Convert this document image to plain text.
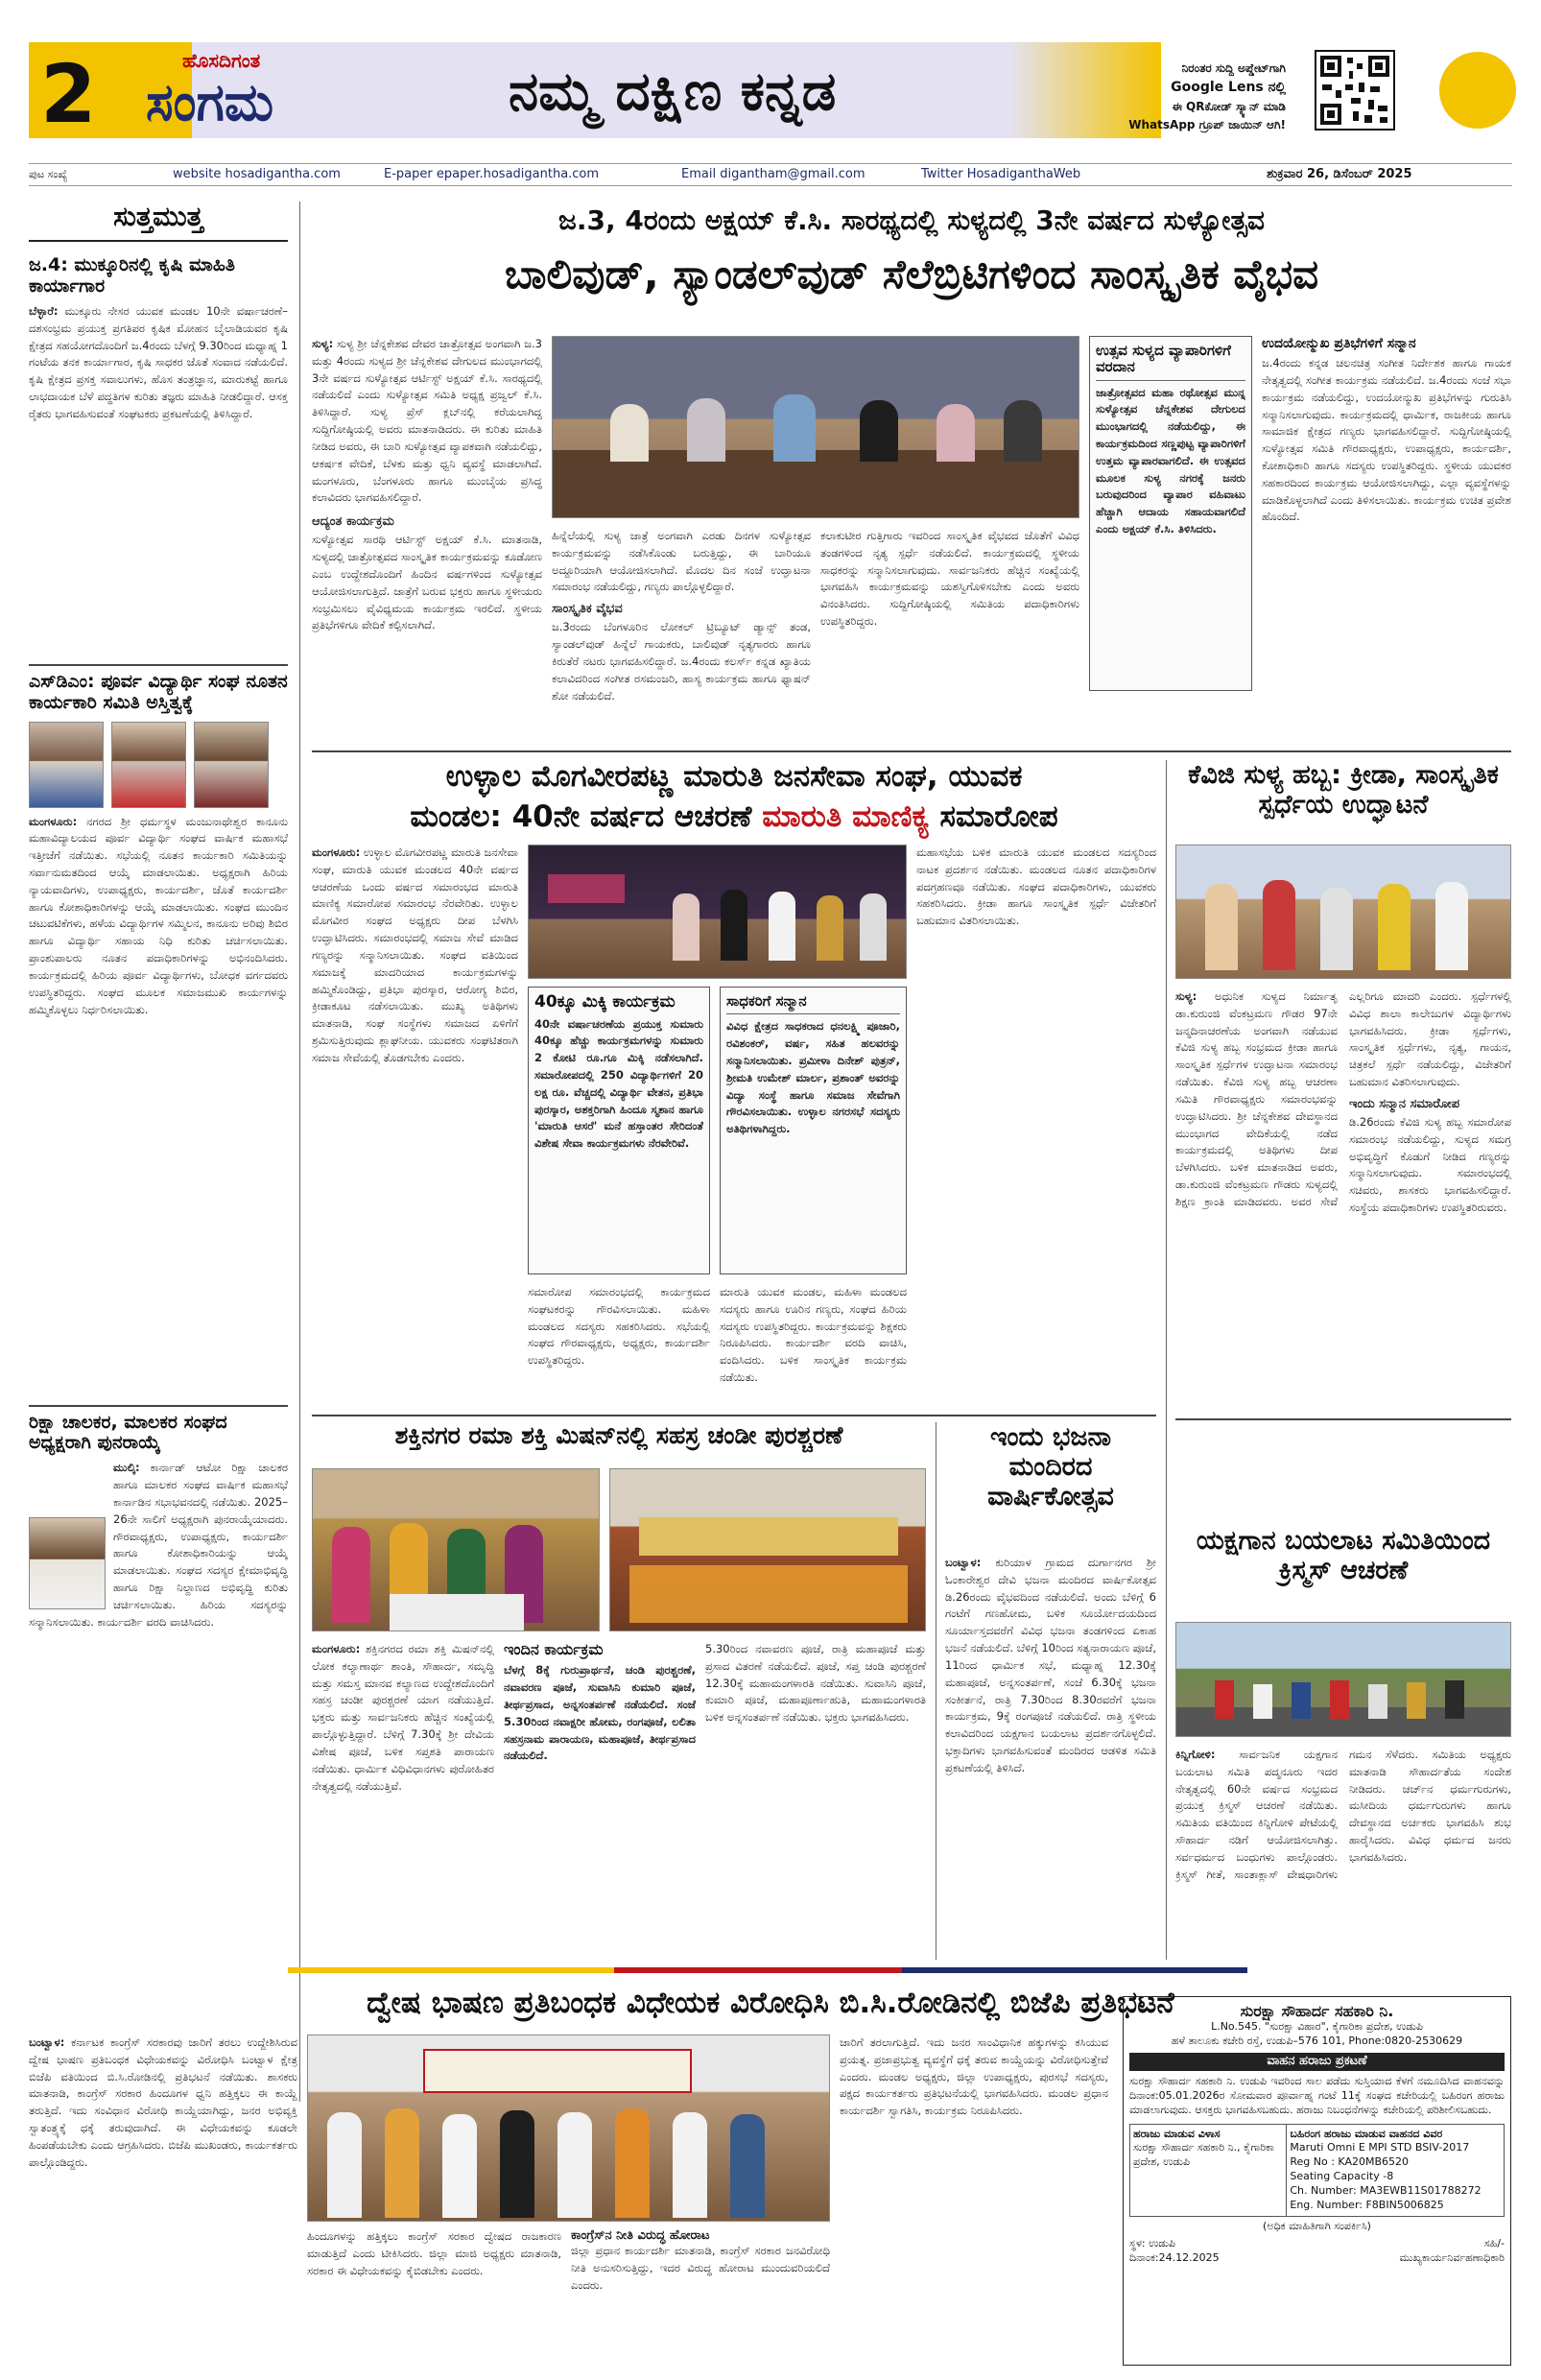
2	ಹೊಸದಿಗಂತ
ಸಂಗಮ	ನಮ್ಮ ದಕ್ಷಿಣ ಕನ್ನಡ	ನಿರಂತರ ಸುದ್ದಿ ಅಪ್ಡೇಟ್‌ಗಾಗಿ
Google Lens ನಲ್ಲಿ
ಈ QRಕೋಡ್ ಸ್ಕ್ಯಾನ್ ಮಾಡಿ
WhatsApp ಗ್ರೂಪ್ ಜಾಯಿನ್ ಆಗಿ!
ಪುಟ ಸಂಖ್ಯೆ	website hosadigantha.com	E-paper epaper.hosadigantha.com	Email digantham@gmail.com	Twitter HosadiganthaWeb	ಶುಕ್ರವಾರ 26, ಡಿಸೆಂಬರ್ 2025
ಸುತ್ತಮುತ್ತ
ಜ.4: ಮುಕ್ಕೂರಿನಲ್ಲಿ ಕೃಷಿ ಮಾಹಿತಿ ಕಾರ್ಯಾಗಾರ
ಬೆಳ್ಳಾರೆ: ಮುಕ್ಕೂರು ನೇಸರ ಯುವಕ ಮಂಡಲ 10ನೇ ವರ್ಷಾಚರಣೆ–ದಶಸಂಭ್ರಮ ಪ್ರಯುಕ್ತ ಪ್ರಗತಿಪರ ಕೃಷಿಕ ಮೋಹನ ಬೈಲಾಡಿಯವರ ಕೃಷಿ ಕ್ಷೇತ್ರದ ಸಹಯೋಗದೊಂದಿಗೆ ಜ.4ರಂದು ಬೆಳಗ್ಗೆ 9.30ರಿಂದ ಮಧ್ಯಾಹ್ನ 1 ಗಂಟೆಯ ತನಕ ಕಾರ್ಯಾಗಾರ, ಕೃಷಿ ಸಾಧಕರ ಜೊತೆ ಸಂವಾದ ನಡೆಯಲಿದೆ. ಕೃಷಿ ಕ್ಷೇತ್ರದ ಪ್ರಸಕ್ತ ಸವಾಲುಗಳು, ಹೊಸ ತಂತ್ರಜ್ಞಾನ, ಮಾರುಕಟ್ಟೆ ಹಾಗೂ ಲಾಭದಾಯಕ ಬೆಳೆ ಪದ್ಧತಿಗಳ ಕುರಿತು ತಜ್ಞರು ಮಾಹಿತಿ ನೀಡಲಿದ್ದಾರೆ. ಆಸಕ್ತ ರೈತರು ಭಾಗವಹಿಸುವಂತೆ ಸಂಘಟಕರು ಪ್ರಕಟಣೆಯಲ್ಲಿ ತಿಳಿಸಿದ್ದಾರೆ.
ಎಸ್‌ಡಿಎಂ: ಪೂರ್ವ ವಿದ್ಯಾರ್ಥಿ ಸಂಘ ನೂತನ ಕಾರ್ಯಕಾರಿ ಸಮಿತಿ ಅಸ್ತಿತ್ವಕ್ಕೆ
ಮಂಗಳೂರು: ನಗರದ ಶ್ರೀ ಧರ್ಮಸ್ಥಳ ಮಂಜುನಾಥೇಶ್ವರ ಕಾನೂನು ಮಹಾವಿದ್ಯಾಲಯದ ಪೂರ್ವ ವಿದ್ಯಾರ್ಥಿ ಸಂಘದ ವಾರ್ಷಿಕ ಮಹಾಸಭೆ ಇತ್ತೀಚೆಗೆ ನಡೆಯಿತು. ಸಭೆಯಲ್ಲಿ ನೂತನ ಕಾರ್ಯಕಾರಿ ಸಮಿತಿಯನ್ನು ಸರ್ವಾನುಮತದಿಂದ ಆಯ್ಕೆ ಮಾಡಲಾಯಿತು. ಅಧ್ಯಕ್ಷರಾಗಿ ಹಿರಿಯ ನ್ಯಾಯವಾದಿಗಳು, ಉಪಾಧ್ಯಕ್ಷರು, ಕಾರ್ಯದರ್ಶಿ, ಜೊತೆ ಕಾರ್ಯದರ್ಶಿ ಹಾಗೂ ಕೋಶಾಧಿಕಾರಿಗಳನ್ನು ಆಯ್ಕೆ ಮಾಡಲಾಯಿತು. ಸಂಘದ ಮುಂದಿನ ಚಟುವಟಿಕೆಗಳು, ಹಳೆಯ ವಿದ್ಯಾರ್ಥಿಗಳ ಸಮ್ಮಿಲನ, ಕಾನೂನು ಅರಿವು ಶಿಬಿರ ಹಾಗೂ ವಿದ್ಯಾರ್ಥಿ ಸಹಾಯ ನಿಧಿ ಕುರಿತು ಚರ್ಚಿಸಲಾಯಿತು. ಪ್ರಾಂಶುಪಾಲರು ನೂತನ ಪದಾಧಿಕಾರಿಗಳನ್ನು ಅಭಿನಂದಿಸಿದರು. ಕಾರ್ಯಕ್ರಮದಲ್ಲಿ ಹಿರಿಯ ಪೂರ್ವ ವಿದ್ಯಾರ್ಥಿಗಳು, ಬೋಧಕ ವರ್ಗದವರು ಉಪಸ್ಥಿತರಿದ್ದರು. ಸಂಘದ ಮೂಲಕ ಸಮಾಜಮುಖಿ ಕಾರ್ಯಗಳನ್ನು ಹಮ್ಮಿಕೊಳ್ಳಲು ನಿರ್ಧರಿಸಲಾಯಿತು.
ರಿಕ್ಷಾ ಚಾಲಕರ, ಮಾಲಕರ ಸಂಘದ ಅಧ್ಯಕ್ಷರಾಗಿ ಪುನರಾಯ್ಕೆ
ಮುಲ್ಕಿ: ಕಾರ್ನಾಡ್ ಆಟೋ ರಿಕ್ಷಾ ಚಾಲಕರ ಹಾಗೂ ಮಾಲಕರ ಸಂಘದ ವಾರ್ಷಿಕ ಮಹಾಸಭೆ ಕಾರ್ನಾಡಿನ ಸಭಾಭವನದಲ್ಲಿ ನಡೆಯಿತು. 2025–26ನೇ ಸಾಲಿಗೆ ಅಧ್ಯಕ್ಷರಾಗಿ ಪುನರಾಯ್ಕೆಯಾದರು. ಗೌರವಾಧ್ಯಕ್ಷರು, ಉಪಾಧ್ಯಕ್ಷರು, ಕಾರ್ಯದರ್ಶಿ ಹಾಗೂ ಕೋಶಾಧಿಕಾರಿಯನ್ನು ಆಯ್ಕೆ ಮಾಡಲಾಯಿತು. ಸಂಘದ ಸದಸ್ಯರ ಕ್ಷೇಮಾಭಿವೃದ್ಧಿ ಹಾಗೂ ರಿಕ್ಷಾ ನಿಲ್ದಾಣದ ಅಭಿವೃದ್ಧಿ ಕುರಿತು ಚರ್ಚಿಸಲಾಯಿತು. ಹಿರಿಯ ಸದಸ್ಯರನ್ನು ಸನ್ಮಾನಿಸಲಾಯಿತು. ಕಾರ್ಯದರ್ಶಿ ವರದಿ ವಾಚಿಸಿದರು.
ಜ.3, 4ರಂದು ಅಕ್ಷಯ್ ಕೆ.ಸಿ. ಸಾರಥ್ಯದಲ್ಲಿ ಸುಳ್ಯದಲ್ಲಿ 3ನೇ ವರ್ಷದ ಸುಳ್ಯೋತ್ಸವ
ಬಾಲಿವುಡ್, ಸ್ಯಾಂಡಲ್‌ವುಡ್ ಸೆಲೆಬ್ರಿಟಿಗಳಿಂದ ಸಾಂಸ್ಕೃತಿಕ ವೈಭವ
ಸುಳ್ಯ: ಸುಳ್ಯ ಶ್ರೀ ಚೆನ್ನಕೇಶವ ದೇವರ ಜಾತ್ರೋತ್ಸವ ಅಂಗವಾಗಿ ಜ.3 ಮತ್ತು 4ರಂದು ಸುಳ್ಯದ ಶ್ರೀ ಚೆನ್ನಕೇಶವ ದೇಗುಲದ ಮುಂಭಾಗದಲ್ಲಿ 3ನೇ ವರ್ಷದ ಸುಳ್ಯೋತ್ಸವ ಆರ್ಟಿಸ್ಟ್ ಅಕ್ಷಯ್ ಕೆ.ಸಿ. ಸಾರಥ್ಯದಲ್ಲಿ ನಡೆಯಲಿದೆ ಎಂದು ಸುಳ್ಯೋತ್ಸವ ಸಮಿತಿ ಅಧ್ಯಕ್ಷ ಪ್ರಜ್ವಲ್ ಕೆ.ಸಿ. ತಿಳಿಸಿದ್ದಾರೆ. ಸುಳ್ಯ ಪ್ರೆಸ್ ಕ್ಲಬ್‌ನಲ್ಲಿ ಕರೆಯಲಾಗಿದ್ದ ಸುದ್ದಿಗೋಷ್ಠಿಯಲ್ಲಿ ಅವರು ಮಾತನಾಡಿದರು. ಈ ಕುರಿತು ಮಾಹಿತಿ ನೀಡಿದ ಅವರು, ಈ ಬಾರಿ ಸುಳ್ಯೋತ್ಸವ ವ್ಯಾಪಕವಾಗಿ ನಡೆಯಲಿದ್ದು, ಆಕರ್ಷಕ ವೇದಿಕೆ, ಬೆಳಕು ಮತ್ತು ಧ್ವನಿ ವ್ಯವಸ್ಥೆ ಮಾಡಲಾಗಿದೆ. ಮಂಗಳೂರು, ಬೆಂಗಳೂರು ಹಾಗೂ ಮುಂಬೈಯ ಪ್ರಸಿದ್ಧ ಕಲಾವಿದರು ಭಾಗವಹಿಸಲಿದ್ದಾರೆ.
ಆದ್ಯಂತ ಕಾರ್ಯಕ್ರಮ
ಸುಳ್ಯೋತ್ಸವ ಸಾರಥಿ ಆರ್ಟಿಸ್ಟ್ ಅಕ್ಷಯ್ ಕೆ.ಸಿ. ಮಾತನಾಡಿ, ಸುಳ್ಯದಲ್ಲಿ ಜಾತ್ರೋತ್ಸವದ ಸಾಂಸ್ಕೃತಿಕ ಕಾರ್ಯಕ್ರಮವನ್ನು ಕೂಡೋಣ ಎಂಬ ಉದ್ದೇಶದೊಂದಿಗೆ ಹಿಂದಿನ ವರ್ಷಗಳಿಂದ ಸುಳ್ಯೋತ್ಸವ ಆಯೋಜಿಸಲಾಗುತ್ತಿದೆ. ಜಾತ್ರೆಗೆ ಬರುವ ಭಕ್ತರು ಹಾಗೂ ಸ್ಥಳೀಯರು ಸಂಭ್ರಮಿಸಲು ವೈವಿಧ್ಯಮಯ ಕಾರ್ಯಕ್ರಮ ಇರಲಿದೆ. ಸ್ಥಳೀಯ ಪ್ರತಿಭೆಗಳಿಗೂ ವೇದಿಕೆ ಕಲ್ಪಿಸಲಾಗಿದೆ.
ಹಿನ್ನೆಲೆಯಲ್ಲಿ ಸುಳ್ಯ ಜಾತ್ರೆ ಅಂಗವಾಗಿ ಎರಡು ದಿನಗಳ ಸುಳ್ಯೋತ್ಸವ ಕಾರ್ಯಕ್ರಮವನ್ನು ನಡೆಸಿಕೊಂಡು ಬರುತ್ತಿದ್ದು, ಈ ಬಾರಿಯೂ ಅದ್ದೂರಿಯಾಗಿ ಆಯೋಜಿಸಲಾಗಿದೆ. ಮೊದಲ ದಿನ ಸಂಜೆ ಉದ್ಘಾಟನಾ ಸಮಾರಂಭ ನಡೆಯಲಿದ್ದು, ಗಣ್ಯರು ಪಾಲ್ಗೊಳ್ಳಲಿದ್ದಾರೆ.
ಸಾಂಸ್ಕೃತಿಕ ವೈಭವ
ಜ.3ರಂದು ಬೆಂಗಳೂರಿನ ಲೋಕಲ್ ಟ್ರಿಬ್ಯೂಟ್ ಡ್ಯಾನ್ಸ್ ತಂಡ, ಸ್ಯಾಂಡಲ್‌ವುಡ್ ಹಿನ್ನೆಲೆ ಗಾಯಕರು, ಬಾಲಿವುಡ್ ನೃತ್ಯಗಾರರು ಹಾಗೂ ಕಿರುತೆರೆ ನಟರು ಭಾಗವಹಿಸಲಿದ್ದಾರೆ. ಜ.4ರಂದು ಕಲರ್ಸ್ ಕನ್ನಡ ಖ್ಯಾತಿಯ ಕಲಾವಿದರಿಂದ ಸಂಗೀತ ರಸಮಂಜರಿ, ಹಾಸ್ಯ ಕಾರ್ಯಕ್ರಮ ಹಾಗೂ ಫ್ಯಾಷನ್ ಶೋ ನಡೆಯಲಿದೆ.
ಕಲಾಕುಟೀರ ಗುತ್ತಿಗಾರು ಇವರಿಂದ ಸಾಂಸ್ಕೃತಿಕ ವೈಭವದ ಜೊತೆಗೆ ವಿವಿಧ ತಂಡಗಳಿಂದ ನೃತ್ಯ ಸ್ಪರ್ಧೆ ನಡೆಯಲಿದೆ. ಕಾರ್ಯಕ್ರಮದಲ್ಲಿ ಸ್ಥಳೀಯ ಸಾಧಕರನ್ನು ಸನ್ಮಾನಿಸಲಾಗುವುದು. ಸಾರ್ವಜನಿಕರು ಹೆಚ್ಚಿನ ಸಂಖ್ಯೆಯಲ್ಲಿ ಭಾಗವಹಿಸಿ ಕಾರ್ಯಕ್ರಮವನ್ನು ಯಶಸ್ವಿಗೊಳಿಸಬೇಕು ಎಂದು ಅವರು ವಿನಂತಿಸಿದರು. ಸುದ್ದಿಗೋಷ್ಠಿಯಲ್ಲಿ ಸಮಿತಿಯ ಪದಾಧಿಕಾರಿಗಳು ಉಪಸ್ಥಿತರಿದ್ದರು.
ಉತ್ಸವ ಸುಳ್ಯದ ವ್ಯಾಪಾರಿಗಳಿಗೆ ವರದಾನ
ಜಾತ್ರೋತ್ಸವದ ಮಹಾ ರಥೋತ್ಸವ ಮುನ್ನ ಸುಳ್ಯೋತ್ಸವ ಚೆನ್ನಕೇಶವ ದೇಗುಲದ ಮುಂಭಾಗದಲ್ಲಿ ನಡೆಯಲಿದ್ದು, ಈ ಕಾರ್ಯಕ್ರಮದಿಂದ ಸಣ್ಣಪುಟ್ಟ ವ್ಯಾಪಾರಿಗಳಿಗೆ ಉತ್ತಮ ವ್ಯಾಪಾರವಾಗಲಿದೆ. ಈ ಉತ್ಸವದ ಮೂಲಕ ಸುಳ್ಯ ನಗರಕ್ಕೆ ಜನರು ಬರುವುದರಿಂದ ವ್ಯಾಪಾರ ವಹಿವಾಟು ಹೆಚ್ಚಾಗಿ ಆದಾಯ ಸಹಾಯವಾಗಲಿದೆ ಎಂದು ಅಕ್ಷಯ್ ಕೆ.ಸಿ. ತಿಳಿಸಿದರು.
ಉದಯೋನ್ಮುಖ ಪ್ರತಿಭೆಗಳಿಗೆ ಸನ್ಮಾನ
ಜ.4ರಂದು ಕನ್ನಡ ಚಲನಚಿತ್ರ ಸಂಗೀತ ನಿರ್ದೇಶಕ ಹಾಗೂ ಗಾಯಕ ನೇತೃತ್ವದಲ್ಲಿ ಸಂಗೀತ ಕಾರ್ಯಕ್ರಮ ನಡೆಯಲಿದೆ. ಜ.4ರಂದು ಸಂಜೆ ಸಭಾ ಕಾರ್ಯಕ್ರಮ ನಡೆಯಲಿದ್ದು, ಉದಯೋನ್ಮುಖ ಪ್ರತಿಭೆಗಳನ್ನು ಗುರುತಿಸಿ ಸನ್ಮಾನಿಸಲಾಗುವುದು. ಕಾರ್ಯಕ್ರಮದಲ್ಲಿ ಧಾರ್ಮಿಕ, ರಾಜಕೀಯ ಹಾಗೂ ಸಾಮಾಜಿಕ ಕ್ಷೇತ್ರದ ಗಣ್ಯರು ಭಾಗವಹಿಸಲಿದ್ದಾರೆ. ಸುದ್ದಿಗೋಷ್ಠಿಯಲ್ಲಿ ಸುಳ್ಯೋತ್ಸವ ಸಮಿತಿ ಗೌರವಾಧ್ಯಕ್ಷರು, ಉಪಾಧ್ಯಕ್ಷರು, ಕಾರ್ಯದರ್ಶಿ, ಕೋಶಾಧಿಕಾರಿ ಹಾಗೂ ಸದಸ್ಯರು ಉಪಸ್ಥಿತರಿದ್ದರು. ಸ್ಥಳೀಯ ಯುವಕರ ಸಹಕಾರದಿಂದ ಕಾರ್ಯಕ್ರಮ ಆಯೋಜಿಸಲಾಗಿದ್ದು, ಎಲ್ಲಾ ವ್ಯವಸ್ಥೆಗಳನ್ನು ಮಾಡಿಕೊಳ್ಳಲಾಗಿದೆ ಎಂದು ತಿಳಿಸಲಾಯಿತು. ಕಾರ್ಯಕ್ರಮ ಉಚಿತ ಪ್ರವೇಶ ಹೊಂದಿದೆ.
ಉಳ್ಳಾಲ ಮೊಗವೀರಪಟ್ಣ ಮಾರುತಿ ಜನಸೇವಾ ಸಂಘ, ಯುವಕ
ಮಂಡಲ: 40ನೇ ವರ್ಷದ ಆಚರಣೆ ಮಾರುತಿ ಮಾಣಿಕ್ಯ ಸಮಾರೋಪ
ಮಂಗಳೂರು: ಉಳ್ಳಾಲ ಮೊಗವೀರಪಟ್ಣ ಮಾರುತಿ ಜನಸೇವಾ ಸಂಘ, ಮಾರುತಿ ಯುವಕ ಮಂಡಲದ 40ನೇ ವರ್ಷದ ಆಚರಣೆಯ ಒಂದು ವರ್ಷದ ಸಮಾರಂಭದ ಮಾರುತಿ ಮಾಣಿಕ್ಯ ಸಮಾರೋಪ ಸಮಾರಂಭ ನೆರವೇರಿತು. ಉಳ್ಳಾಲ ಮೊಗವೀರ ಸಂಘದ ಅಧ್ಯಕ್ಷರು ದೀಪ ಬೆಳಗಿಸಿ ಉದ್ಘಾಟಿಸಿದರು. ಸಮಾರಂಭದಲ್ಲಿ ಸಮಾಜ ಸೇವೆ ಮಾಡಿದ ಗಣ್ಯರನ್ನು ಸನ್ಮಾನಿಸಲಾಯಿತು. ಸಂಘದ ವತಿಯಿಂದ ಸಮಾಜಕ್ಕೆ ಮಾದರಿಯಾದ ಕಾರ್ಯಕ್ರಮಗಳನ್ನು ಹಮ್ಮಿಕೊಂಡಿದ್ದು, ಪ್ರತಿಭಾ ಪುರಸ್ಕಾರ, ಆರೋಗ್ಯ ಶಿಬಿರ, ಕ್ರೀಡಾಕೂಟ ನಡೆಸಲಾಯಿತು. ಮುಖ್ಯ ಅತಿಥಿಗಳು ಮಾತನಾಡಿ, ಸಂಘ ಸಂಸ್ಥೆಗಳು ಸಮಾಜದ ಏಳಿಗೆಗೆ ಶ್ರಮಿಸುತ್ತಿರುವುದು ಶ್ಲಾಘನೀಯ. ಯುವಕರು ಸಂಘಟಿತರಾಗಿ ಸಮಾಜ ಸೇವೆಯಲ್ಲಿ ತೊಡಗಬೇಕು ಎಂದರು.
40ಕ್ಕೂ ಮಿಕ್ಕಿ ಕಾರ್ಯಕ್ರಮ
40ನೇ ವರ್ಷಾಚರಣೆಯ ಪ್ರಯುಕ್ತ ಸುಮಾರು 40ಕ್ಕೂ ಹೆಚ್ಚು ಕಾರ್ಯಕ್ರಮಗಳನ್ನು ಸುಮಾರು 2 ಕೋಟಿ ರೂ.ಗೂ ಮಿಕ್ಕಿ ನಡೆಸಲಾಗಿದೆ. ಸಮಾರೋಪದಲ್ಲಿ 250 ವಿದ್ಯಾರ್ಥಿಗಳಿಗೆ 20 ಲಕ್ಷ ರೂ. ವೆಚ್ಚದಲ್ಲಿ ವಿದ್ಯಾರ್ಥಿ ವೇತನ, ಪ್ರತಿಭಾ ಪುರಸ್ಕಾರ, ಅಶಕ್ತರಿಗಾಗಿ ಹಿಂದೂ ಸ್ಮಶಾನ ಹಾಗೂ 'ಮಾರುತಿ ಆಸರೆ' ಮನೆ ಹಸ್ತಾಂತರ ಸೇರಿದಂತೆ ವಿಶೇಷ ಸೇವಾ ಕಾರ್ಯಕ್ರಮಗಳು ನೆರವೇರಿವೆ.
ಸಾಧಕರಿಗೆ ಸನ್ಮಾನ
ವಿವಿಧ ಕ್ಷೇತ್ರದ ಸಾಧಕರಾದ ಧನಲಕ್ಷ್ಮಿ ಪೂಜಾರಿ, ರವಿಶಂಕರ್, ವರ್ಷ, ಸಹಿತ ಹಲವರನ್ನು ಸನ್ಮಾನಿಸಲಾಯಿತು. ಪ್ರಮೀಳಾ ದಿನೇಶ್ ಪುತ್ರನ್, ಶ್ರೀಮತಿ ಉಮೇಶ್ ಮಾರ್ಲ, ಪ್ರಶಾಂತ್ ಅವರನ್ನು ವಿದ್ಯಾ ಸಂಸ್ಥೆ ಹಾಗೂ ಸಮಾಜ ಸೇವೆಗಾಗಿ ಗೌರವಿಸಲಾಯಿತು. ಉಳ್ಳಾಲ ನಗರಸಭೆ ಸದಸ್ಯರು ಅತಿಥಿಗಳಾಗಿದ್ದರು.
ಸಮಾರೋಪ ಸಮಾರಂಭದಲ್ಲಿ ಕಾರ್ಯಕ್ರಮದ ಸಂಘಟಕರನ್ನು ಗೌರವಿಸಲಾಯಿತು. ಮಹಿಳಾ ಮಂಡಲದ ಸದಸ್ಯರು ಸಹಕರಿಸಿದರು. ಸಭೆಯಲ್ಲಿ ಸಂಘದ ಗೌರವಾಧ್ಯಕ್ಷರು, ಅಧ್ಯಕ್ಷರು, ಕಾರ್ಯದರ್ಶಿ ಉಪಸ್ಥಿತರಿದ್ದರು.
ಮಾರುತಿ ಯುವಕ ಮಂಡಲ, ಮಹಿಳಾ ಮಂಡಲದ ಸದಸ್ಯರು ಹಾಗೂ ಊರಿನ ಗಣ್ಯರು, ಸಂಘದ ಹಿರಿಯ ಸದಸ್ಯರು ಉಪಸ್ಥಿತರಿದ್ದರು. ಕಾರ್ಯಕ್ರಮವನ್ನು ಶಿಕ್ಷಕರು ನಿರೂಪಿಸಿದರು. ಕಾರ್ಯದರ್ಶಿ ವರದಿ ವಾಚಿಸಿ, ವಂದಿಸಿದರು. ಬಳಿಕ ಸಾಂಸ್ಕೃತಿಕ ಕಾರ್ಯಕ್ರಮ ನಡೆಯಿತು.
ಮಹಾಸಭೆಯ ಬಳಿಕ ಮಾರುತಿ ಯುವಕ ಮಂಡಲದ ಸದಸ್ಯರಿಂದ ನಾಟಕ ಪ್ರದರ್ಶನ ನಡೆಯಿತು. ಮಂಡಲದ ನೂತನ ಪದಾಧಿಕಾರಿಗಳ ಪದಗ್ರಹಣವೂ ನಡೆಯಿತು. ಸಂಘದ ಪದಾಧಿಕಾರಿಗಳು, ಯುವಕರು ಸಹಕರಿಸಿದರು. ಕ್ರೀಡಾ ಹಾಗೂ ಸಾಂಸ್ಕೃತಿಕ ಸ್ಪರ್ಧೆ ವಿಜೇತರಿಗೆ ಬಹುಮಾನ ವಿತರಿಸಲಾಯಿತು.
ಕೆವಿಜಿ ಸುಳ್ಯ ಹಬ್ಬ: ಕ್ರೀಡಾ, ಸಾಂಸ್ಕೃತಿಕ ಸ್ಪರ್ಧೆಯ ಉದ್ಘಾಟನೆ
ಸುಳ್ಯ: ಅಧುನಿಕ ಸುಳ್ಯದ ನಿರ್ಮಾತೃ ಡಾ.ಕುರುಂಜಿ ವೆಂಕಟ್ರಮಣ ಗೌಡರ 97ನೇ ಜನ್ಮದಿನಾಚರಣೆಯ ಅಂಗವಾಗಿ ನಡೆಯುವ ಕೆವಿಜಿ ಸುಳ್ಯ ಹಬ್ಬ ಸಂಭ್ರಮದ ಕ್ರೀಡಾ ಹಾಗೂ ಸಾಂಸ್ಕೃತಿಕ ಸ್ಪರ್ಧೆಗಳ ಉದ್ಘಾಟನಾ ಸಮಾರಂಭ ನಡೆಯಿತು. ಕೆವಿಜಿ ಸುಳ್ಯ ಹಬ್ಬ ಆಚರಣಾ ಸಮಿತಿ ಗೌರವಾಧ್ಯಕ್ಷರು ಸಮಾರಂಭವನ್ನು ಉದ್ಘಾಟಿಸಿದರು. ಶ್ರೀ ಚೆನ್ನಕೇಶವ ದೇವಸ್ಥಾನದ ಮುಂಭಾಗದ ವೇದಿಕೆಯಲ್ಲಿ ನಡೆದ ಕಾರ್ಯಕ್ರಮದಲ್ಲಿ ಅತಿಥಿಗಳು ದೀಪ ಬೆಳಗಿಸಿದರು. ಬಳಿಕ ಮಾತನಾಡಿದ ಅವರು, ಡಾ.ಕುರುಂಜಿ ವೆಂಕಟ್ರಮಣ ಗೌಡರು ಸುಳ್ಯದಲ್ಲಿ ಶಿಕ್ಷಣ ಕ್ರಾಂತಿ ಮಾಡಿದವರು. ಅವರ ಸೇವೆ ಎಲ್ಲರಿಗೂ ಮಾದರಿ ಎಂದರು. ಸ್ಪರ್ಧೆಗಳಲ್ಲಿ ವಿವಿಧ ಶಾಲಾ ಕಾಲೇಜುಗಳ ವಿದ್ಯಾರ್ಥಿಗಳು ಭಾಗವಹಿಸಿದರು. ಕ್ರೀಡಾ ಸ್ಪರ್ಧೆಗಳು, ಸಾಂಸ್ಕೃತಿಕ ಸ್ಪರ್ಧೆಗಳು, ನೃತ್ಯ, ಗಾಯನ, ಚಿತ್ರಕಲೆ ಸ್ಪರ್ಧೆ ನಡೆಯಲಿದ್ದು, ವಿಜೇತರಿಗೆ ಬಹುಮಾನ ವಿತರಿಸಲಾಗುವುದು.
ಇಂದು ಸನ್ಮಾನ ಸಮಾರೋಪ
ಡಿ.26ರಂದು ಕೆವಿಜಿ ಸುಳ್ಯ ಹಬ್ಬ ಸಮಾರೋಪ ಸಮಾರಂಭ ನಡೆಯಲಿದ್ದು, ಸುಳ್ಯದ ಸಮಗ್ರ ಅಭಿವೃದ್ಧಿಗೆ ಕೊಡುಗೆ ನೀಡಿದ ಗಣ್ಯರನ್ನು ಸನ್ಮಾನಿಸಲಾಗುವುದು. ಸಮಾರಂಭದಲ್ಲಿ ಸಚಿವರು, ಶಾಸಕರು ಭಾಗವಹಿಸಲಿದ್ದಾರೆ. ಸಂಸ್ಥೆಯ ಪದಾಧಿಕಾರಿಗಳು ಉಪಸ್ಥಿತರಿರುವರು.
ಶಕ್ತಿನಗರ ರಮಾ ಶಕ್ತಿ ಮಿಷನ್‌ನಲ್ಲಿ ಸಹಸ್ರ ಚಂಡೀ ಪುರಶ್ಚರಣೆ
ಮಂಗಳೂರು: ಶಕ್ತಿನಗರದ ರಮಾ ಶಕ್ತಿ ಮಿಷನ್‌ನಲ್ಲಿ ಲೋಕ ಕಲ್ಯಾಣಾರ್ಥ ಶಾಂತಿ, ಸೌಹಾರ್ದ, ಸಮೃದ್ಧಿ ಮತ್ತು ಸಮಸ್ತ ಮಾನವ ಕಲ್ಯಾಣದ ಉದ್ದೇಶದೊಂದಿಗೆ ಸಹಸ್ರ ಚಂಡೀ ಪುರಶ್ಚರಣೆ ಯಾಗ ನಡೆಯುತ್ತಿದೆ. ಭಕ್ತರು ಮತ್ತು ಸಾರ್ವಜನಿಕರು ಹೆಚ್ಚಿನ ಸಂಖ್ಯೆಯಲ್ಲಿ ಪಾಲ್ಗೊಳ್ಳುತ್ತಿದ್ದಾರೆ. ಬೆಳಿಗ್ಗೆ 7.30ಕ್ಕೆ ಶ್ರೀ ದೇವಿಯ ವಿಶೇಷ ಪೂಜೆ, ಬಳಿಕ ಸಪ್ತಶತಿ ಪಾರಾಯಣ ನಡೆಯಿತು. ಧಾರ್ಮಿಕ ವಿಧಿವಿಧಾನಗಳು ಪುರೋಹಿತರ ನೇತೃತ್ವದಲ್ಲಿ ನಡೆಯುತ್ತಿವೆ.
ಇಂದಿನ ಕಾರ್ಯಕ್ರಮ
ಬೆಳಗ್ಗೆ 8ಕ್ಕೆ ಗುರುಪ್ರಾರ್ಥನೆ, ಚಂಡಿ ಪುರಶ್ಚರಣೆ, ನವಾವರಣ ಪೂಜೆ, ಸುವಾಸಿನಿ ಕುಮಾರಿ ಪೂಜೆ, ತೀರ್ಥಪ್ರಸಾದ, ಅನ್ನಸಂತರ್ಪಣೆ ನಡೆಯಲಿದೆ. ಸಂಜೆ 5.30ರಿಂದ ನವಾಕ್ಷರೀ ಹೋಮ, ರಂಗಪೂಜೆ, ಲಲಿತಾ ಸಹಸ್ರನಾಮ ಪಾರಾಯಣ, ಮಹಾಪೂಜೆ, ತೀರ್ಥಪ್ರಸಾದ ನಡೆಯಲಿದೆ.
5.30ರಿಂದ ನವಾವರಣ ಪೂಜೆ, ರಾತ್ರಿ ಮಹಾಪೂಜೆ ಮತ್ತು ಪ್ರಸಾದ ವಿತರಣೆ ನಡೆಯಲಿದೆ. ಪೂಜೆ, ಸಪ್ತ ಚಂಡಿ ಪುರಶ್ಚರಣೆ 12.30ಕ್ಕೆ ಮಹಾಮಂಗಳಾರತಿ ನಡೆಯಿತು. ಸುವಾಸಿನಿ ಪೂಜೆ, ಕುಮಾರಿ ಪೂಜೆ, ಮಹಾಪೂರ್ಣಾಹುತಿ, ಮಹಾಮಂಗಳಾರತಿ ಬಳಿಕ ಅನ್ನಸಂತರ್ಪಣೆ ನಡೆಯಿತು. ಭಕ್ತರು ಭಾಗವಹಿಸಿದರು.
ಇಂದು ಭಜನಾ ಮಂದಿರದ ವಾರ್ಷಿಕೋತ್ಸವ
ಬಂಟ್ವಾಳ: ಕುರಿಯಾಳ ಗ್ರಾಮದ ದುರ್ಗಾನಗರ ಶ್ರೀ ಓಂಕಾರೇಶ್ವರ ದೇವಿ ಭಜನಾ ಮಂದಿರದ ವಾರ್ಷಿಕೋತ್ಸವ ಡಿ.26ರಂದು ವೈಭವದಿಂದ ನಡೆಯಲಿದೆ. ಅಂದು ಬೆಳಿಗ್ಗೆ 6 ಗಂಟೆಗೆ ಗಣಹೋಮ, ಬಳಿಕ ಸೂರ್ಯೋದಯದಿಂದ ಸೂರ್ಯಾಸ್ತದವರೆಗೆ ವಿವಿಧ ಭಜನಾ ತಂಡಗಳಿಂದ ಏಕಾಹ ಭಜನೆ ನಡೆಯಲಿದೆ. ಬೆಳಿಗ್ಗೆ 10ರಿಂದ ಸತ್ಯನಾರಾಯಣ ಪೂಜೆ, 11ರಿಂದ ಧಾರ್ಮಿಕ ಸಭೆ, ಮಧ್ಯಾಹ್ನ 12.30ಕ್ಕೆ ಮಹಾಪೂಜೆ, ಅನ್ನಸಂತರ್ಪಣೆ, ಸಂಜೆ 6.30ಕ್ಕೆ ಭಜನಾ ಸಂಕೀರ್ತನೆ, ರಾತ್ರಿ 7.30ರಿಂದ 8.30ರವರೆಗೆ ಭಜನಾ ಕಾರ್ಯಕ್ರಮ, 9ಕ್ಕೆ ರಂಗಪೂಜೆ ನಡೆಯಲಿದೆ. ರಾತ್ರಿ ಸ್ಥಳೀಯ ಕಲಾವಿದರಿಂದ ಯಕ್ಷಗಾನ ಬಯಲಾಟ ಪ್ರದರ್ಶನಗೊಳ್ಳಲಿದೆ. ಭಕ್ತಾದಿಗಳು ಭಾಗವಹಿಸುವಂತೆ ಮಂದಿರದ ಆಡಳಿತ ಸಮಿತಿ ಪ್ರಕಟಣೆಯಲ್ಲಿ ತಿಳಿಸಿದೆ.
ಯಕ್ಷಗಾನ ಬಯಲಾಟ ಸಮಿತಿಯಿಂದ ಕ್ರಿಸ್ಮಸ್ ಆಚರಣೆ
ಕಿನ್ನಿಗೋಳಿ: ಸಾರ್ವಜನಿಕ ಯಕ್ಷಗಾನ ಬಯಲಾಟ ಸಮಿತಿ ಪದ್ಮನೂರು ಇದರ ನೇತೃತ್ವದಲ್ಲಿ 60ನೇ ವರ್ಷದ ಸಂಭ್ರಮದ ಪ್ರಯುಕ್ತ ಕ್ರಿಸ್ಮಸ್ ಆಚರಣೆ ನಡೆಯಿತು. ಸಮಿತಿಯ ವತಿಯಿಂದ ಕಿನ್ನಿಗೋಳಿ ಪೇಟೆಯಲ್ಲಿ ಸೌಹಾರ್ದ ನಡಿಗೆ ಆಯೋಜಿಸಲಾಗಿತ್ತು. ಸರ್ವಧರ್ಮದ ಬಂಧುಗಳು ಪಾಲ್ಗೊಂಡರು. ಕ್ರಿಸ್ಮಸ್ ಗೀತೆ, ಸಾಂತಾಕ್ಲಾಸ್ ವೇಷಧಾರಿಗಳು ಗಮನ ಸೆಳೆದರು. ಸಮಿತಿಯ ಅಧ್ಯಕ್ಷರು ಮಾತನಾಡಿ ಸೌಹಾರ್ದತೆಯ ಸಂದೇಶ ನೀಡಿದರು. ಚರ್ಚ್‌ನ ಧರ್ಮಗುರುಗಳು, ಮಸೀದಿಯ ಧರ್ಮಗುರುಗಳು ಹಾಗೂ ದೇವಸ್ಥಾನದ ಅರ್ಚಕರು ಭಾಗವಹಿಸಿ ಶುಭ ಹಾರೈಸಿದರು. ವಿವಿಧ ಧರ್ಮದ ಜನರು ಭಾಗವಹಿಸಿದರು.
ದ್ವೇಷ ಭಾಷಣ ಪ್ರತಿಬಂಧಕ ವಿಧೇಯಕ ವಿರೋಧಿಸಿ ಬಿ.ಸಿ.ರೋಡಿನಲ್ಲಿ ಬಿಜೆಪಿ ಪ್ರತಿಭಟನೆ
ಬಂಟ್ವಾಳ: ಕರ್ನಾಟಕ ಕಾಂಗ್ರೆಸ್ ಸರಕಾರವು ಜಾರಿಗೆ ತರಲು ಉದ್ದೇಶಿಸಿರುವ ದ್ವೇಷ ಭಾಷಣ ಪ್ರತಿಬಂಧಕ ವಿಧೇಯಕವನ್ನು ವಿರೋಧಿಸಿ ಬಂಟ್ವಾಳ ಕ್ಷೇತ್ರ ಬಿಜೆಪಿ ವತಿಯಿಂದ ಬಿ.ಸಿ.ರೋಡಿನಲ್ಲಿ ಪ್ರತಿಭಟನೆ ನಡೆಯಿತು. ಶಾಸಕರು ಮಾತನಾಡಿ, ಕಾಂಗ್ರೆಸ್ ಸರಕಾರ ಹಿಂದೂಗಳ ಧ್ವನಿ ಹತ್ತಿಕ್ಕಲು ಈ ಕಾಯ್ದೆ ತರುತ್ತಿದೆ. ಇದು ಸಂವಿಧಾನ ವಿರೋಧಿ ಕಾಯ್ದೆಯಾಗಿದ್ದು, ಜನರ ಅಭಿವ್ಯಕ್ತಿ ಸ್ವಾತಂತ್ರ್ಯಕ್ಕೆ ಧಕ್ಕೆ ತರುವುದಾಗಿದೆ. ಈ ವಿಧೇಯಕವನ್ನು ಕೂಡಲೇ ಹಿಂಪಡೆಯಬೇಕು ಎಂದು ಆಗ್ರಹಿಸಿದರು. ಬಿಜೆಪಿ ಮುಖಂಡರು, ಕಾರ್ಯಕರ್ತರು ಪಾಲ್ಗೊಂಡಿದ್ದರು.
ಹಿಂದೂಗಳನ್ನು ಹತ್ತಿಕ್ಕಲು ಕಾಂಗ್ರೆಸ್ ಸರಕಾರ ದ್ವೇಷದ ರಾಜಕಾರಣ ಮಾಡುತ್ತಿದೆ ಎಂದು ಟೀಕಿಸಿದರು. ಜಿಲ್ಲಾ ಮಾಜಿ ಅಧ್ಯಕ್ಷರು ಮಾತನಾಡಿ, ಸರಕಾರ ಈ ವಿಧೇಯಕವನ್ನು ಕೈಬಿಡಬೇಕು ಎಂದರು.
ಕಾಂಗ್ರೆಸ್‌ನ ನೀತಿ ವಿರುದ್ಧ ಹೋರಾಟ
ಜಿಲ್ಲಾ ಪ್ರಧಾನ ಕಾರ್ಯದರ್ಶಿ ಮಾತನಾಡಿ, ಕಾಂಗ್ರೆಸ್ ಸರಕಾರ ಜನವಿರೋಧಿ ನೀತಿ ಅನುಸರಿಸುತ್ತಿದ್ದು, ಇದರ ವಿರುದ್ಧ ಹೋರಾಟ ಮುಂದುವರಿಯಲಿದೆ ಎಂದರು.
ಜಾರಿಗೆ ತರಲಾಗುತ್ತಿದೆ. ಇದು ಜನರ ಸಾಂವಿಧಾನಿಕ ಹಕ್ಕುಗಳನ್ನು ಕಸಿಯುವ ಪ್ರಯತ್ನ. ಪ್ರಜಾಪ್ರಭುತ್ವ ವ್ಯವಸ್ಥೆಗೆ ಧಕ್ಕೆ ತರುವ ಕಾಯ್ದೆಯನ್ನು ವಿರೋಧಿಸುತ್ತೇವೆ ಎಂದರು. ಮಂಡಲ ಅಧ್ಯಕ್ಷರು, ಜಿಲ್ಲಾ ಉಪಾಧ್ಯಕ್ಷರು, ಪುರಸಭೆ ಸದಸ್ಯರು, ಪಕ್ಷದ ಕಾರ್ಯಕರ್ತರು ಪ್ರತಿಭಟನೆಯಲ್ಲಿ ಭಾಗವಹಿಸಿದರು. ಮಂಡಲ ಪ್ರಧಾನ ಕಾರ್ಯದರ್ಶಿ ಸ್ವಾಗತಿಸಿ, ಕಾರ್ಯಕ್ರಮ ನಿರೂಪಿಸಿದರು.
ಸುರಕ್ಷಾ ಸೌಹಾರ್ದ ಸಹಕಾರಿ ನಿ.
L.No.545. "ಸುರಕ್ಷಾ ವಿಹಾರ", ಕೈಗಾರಿಕಾ ಪ್ರದೇಶ, ಉಡುಪಿ
ಹಳೆ ತಾಲೂಕು ಕಚೇರಿ ರಸ್ತೆ, ಉಡುಪಿ–576 101, Phone:0820-2530629
ವಾಹನ ಹರಾಜು ಪ್ರಕಟಣೆ
ಸುರಕ್ಷಾ ಸೌಹಾರ್ದ ಸಹಕಾರಿ ನಿ. ಉಡುಪಿ ಇವರಿಂದ ಸಾಲ ಪಡೆದು ಸುಸ್ತಿಯಾದ ಕೆಳಗೆ ನಮೂದಿಸಿದ ವಾಹನವನ್ನು ದಿನಾಂಕ:05.01.2026ರ ಸೋಮವಾರ ಪೂರ್ವಾಹ್ನ ಗಂಟೆ 11ಕ್ಕೆ ಸಂಘದ ಕಚೇರಿಯಲ್ಲಿ ಬಹಿರಂಗ ಹರಾಜು ಮಾಡಲಾಗುವುದು. ಆಸಕ್ತರು ಭಾಗವಹಿಸಬಹುದು. ಹರಾಜು ನಿಬಂಧನೆಗಳನ್ನು ಕಚೇರಿಯಲ್ಲಿ ಪರಿಶೀಲಿಸಬಹುದು.
ಹರಾಜು ಮಾಡುವ ವಿಳಾಸ
ಸುರಕ್ಷಾ ಸೌಹಾರ್ದ ಸಹಕಾರಿ ನಿ., ಕೈಗಾರಿಕಾ ಪ್ರದೇಶ, ಉಡುಪಿ
ಬಹಿರಂಗ ಹರಾಜು ಮಾಡುವ ವಾಹನದ ವಿವರ
Maruti Omni E MPI STD BSIV-2017
Reg No : KA20MB6520
Seating Capacity -8
Ch. Number: MA3EWB11S01788272
Eng. Number: F8BIN5006825
(ಅಧಿಕ ಮಾಹಿತಿಗಾಗಿ ಸಂಪರ್ಕಿಸಿ)
ಸ್ಥಳ: ಉಡುಪಿ
ದಿನಾಂಕ:24.12.2025
ಸಹಿ/-
ಮುಖ್ಯಕಾರ್ಯನಿರ್ವಹಣಾಧಿಕಾರಿ
